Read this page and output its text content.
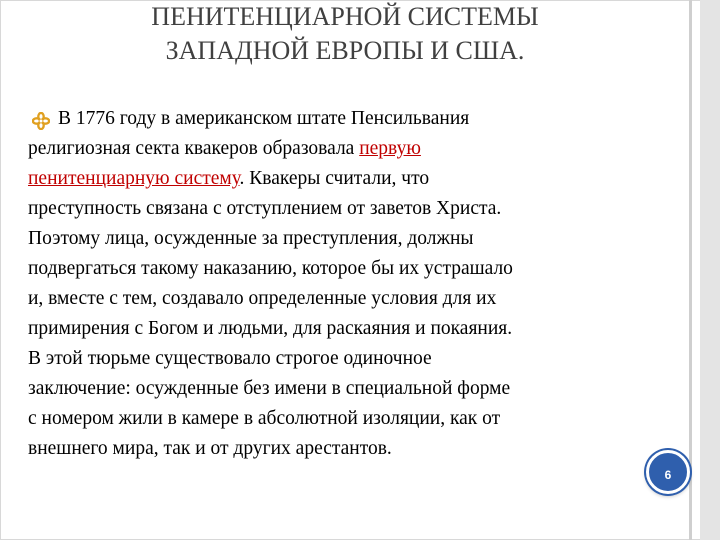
ПЕНИТЕНЦИАРНОЙ СИСТЕМЫ
ЗАПАДНОЙ ЕВРОПЫ И США.
В 1776 году в американском штате Пенсильвания
религиозная секта квакеров образовала первую
пенитенциарную систему. Квакеры считали, что
преступность связана с отступлением от заветов Христа.
Поэтому лица, осужденные за преступления, должны
подвергаться такому наказанию, которое бы их устрашало
и, вместе с тем, создавало определенные условия для их
примирения с Богом и людьми, для раскаяния и покаяния.
В этой тюрьме существовало строгое одиночное
заключение: осужденные без имени в специальной форме
с номером жили в камере в абсолютной изоляции, как от
внешнего мира, так и от других арестантов.
6
